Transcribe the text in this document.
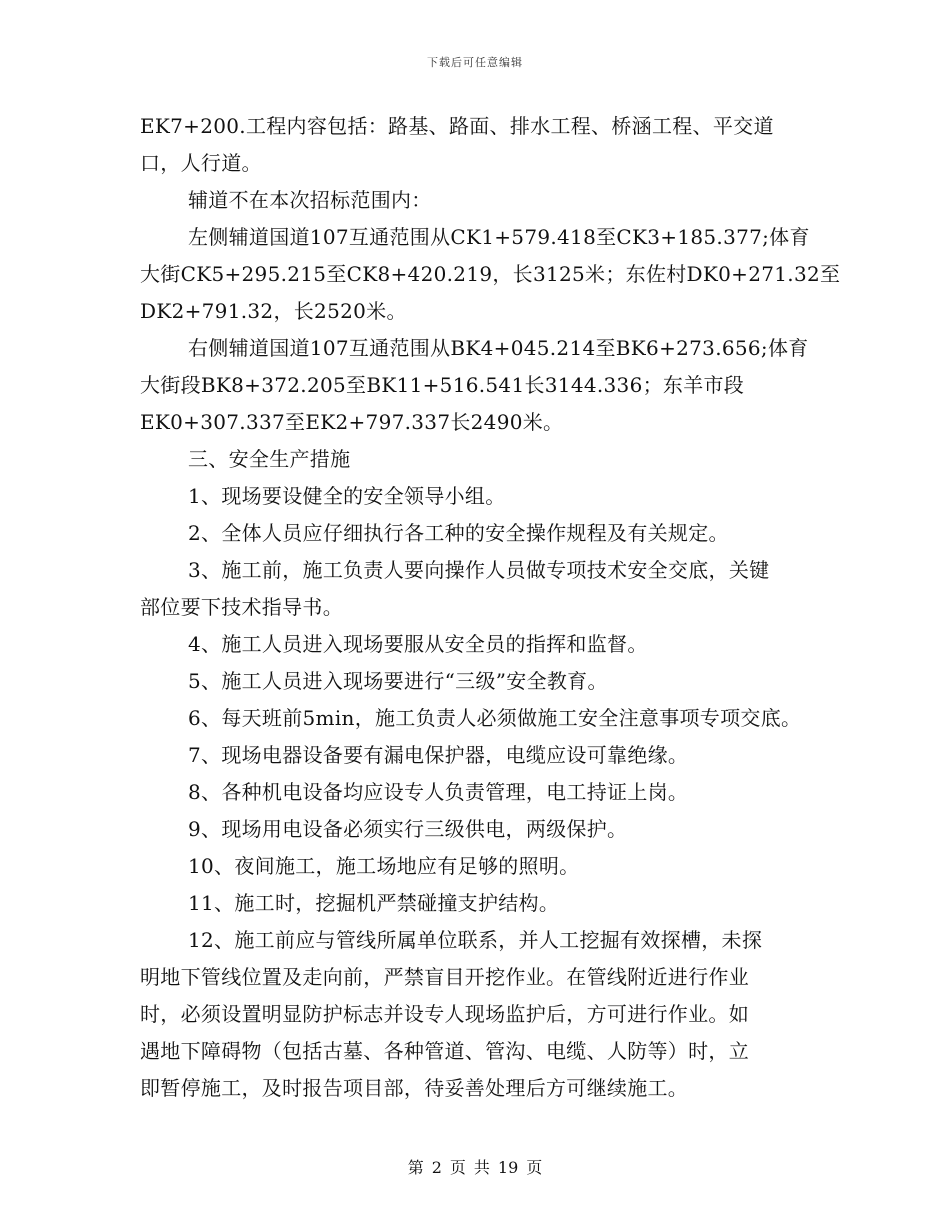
下载后可任意编辑

EK7+200.工程内容包括：路基、路面、排水工程、桥涵工程、平交道
口，人行道。

辅道不在本次招标范围内：

左侧辅道国道107互通范围从CK1+579.418至CK3+185.377;体育
大街CK5+295.215至CK8+420.219，长3125米；东佐村DK0+271.32至
DK2+791.32，长2520米。

右侧辅道国道107互通范围从BK4+045.214至BK6+273.656;体育
大街段BK8+372.205至BK11+516.541长3144.336；东羊市段
EK0+307.337至EK2+797.337长2490米。

三、安全生产措施

1、现场要设健全的安全领导小组。

2、全体人员应仔细执行各工种的安全操作规程及有关规定。

3、施工前，施工负责人要向操作人员做专项技术安全交底，关键
部位要下技术指导书。

4、施工人员进入现场要服从安全员的指挥和监督。

5、施工人员进入现场要进行“三级”安全教育。

6、每天班前5min，施工负责人必须做施工安全注意事项专项交底。

7、现场电器设备要有漏电保护器，电缆应设可靠绝缘。

8、各种机电设备均应设专人负责管理，电工持证上岗。

9、现场用电设备必须实行三级供电，两级保护。

10、夜间施工，施工场地应有足够的照明。

11、施工时，挖掘机严禁碰撞支护结构。

12、施工前应与管线所属单位联系，并人工挖掘有效探槽，未探
明地下管线位置及走向前，严禁盲目开挖作业。在管线附近进行作业
时，必须设置明显防护标志并设专人现场监护后，方可进行作业。如
遇地下障碍物（包括古墓、各种管道、管沟、电缆、人防等）时，立
即暂停施工，及时报告项目部，待妥善处理后方可继续施工。

第 2 页 共 19 页
